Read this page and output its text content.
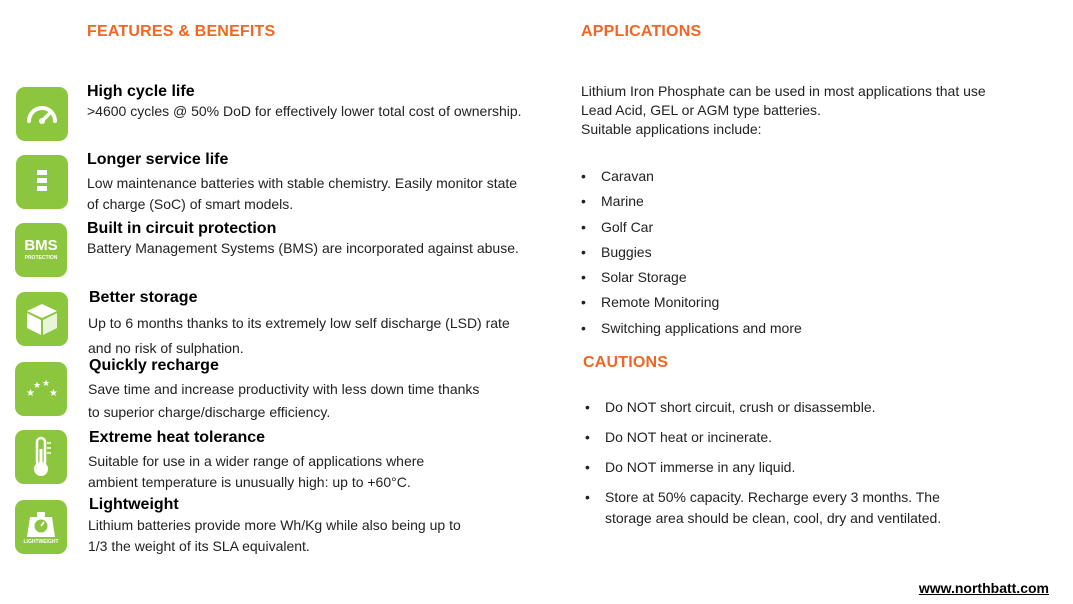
FEATURES & BENEFITS	APPLICATIONS
CAUTIONS
High cycle life
>4600 cycles @ 50% DoD for effectively lower total cost of ownership.
Longer service life
Low maintenance batteries with stable chemistry. Easily monitor state
of charge (SoC) of smart models.
BMS
PROTECTION
Built in circuit protection
Battery Management Systems (BMS) are incorporated against abuse.
Better storage
Up to 6 months thanks to its extremely low self discharge (LSD) rate
and no risk of sulphation.
★
★ ★
★
Quickly recharge
Save time and increase productivity with less down time thanks
to superior charge/discharge efficiency.
Extreme heat tolerance
Suitable for use in a wider range of applications where
ambient temperature is unusually high: up to +60°C.
LIGHTWEIGHT
Lightweight
Lithium batteries provide more Wh/Kg while also being up to
1/3 the weight of its SLA equivalent.
Lithium Iron Phosphate can be used in most applications that use
Lead Acid, GEL or AGM type batteries.
Suitable applications include:
• Caravan
• Marine
• Golf Car
• Buggies
• Solar Storage
• Remote Monitoring
• Switching applications and more
• Do NOT short circuit, crush or disassemble.
• Do NOT heat or incinerate.
• Do NOT immerse in any liquid.
• Store at 50% capacity. Recharge every 3 months. The
storage area should be clean, cool, dry and ventilated.
www.northbatt.com
